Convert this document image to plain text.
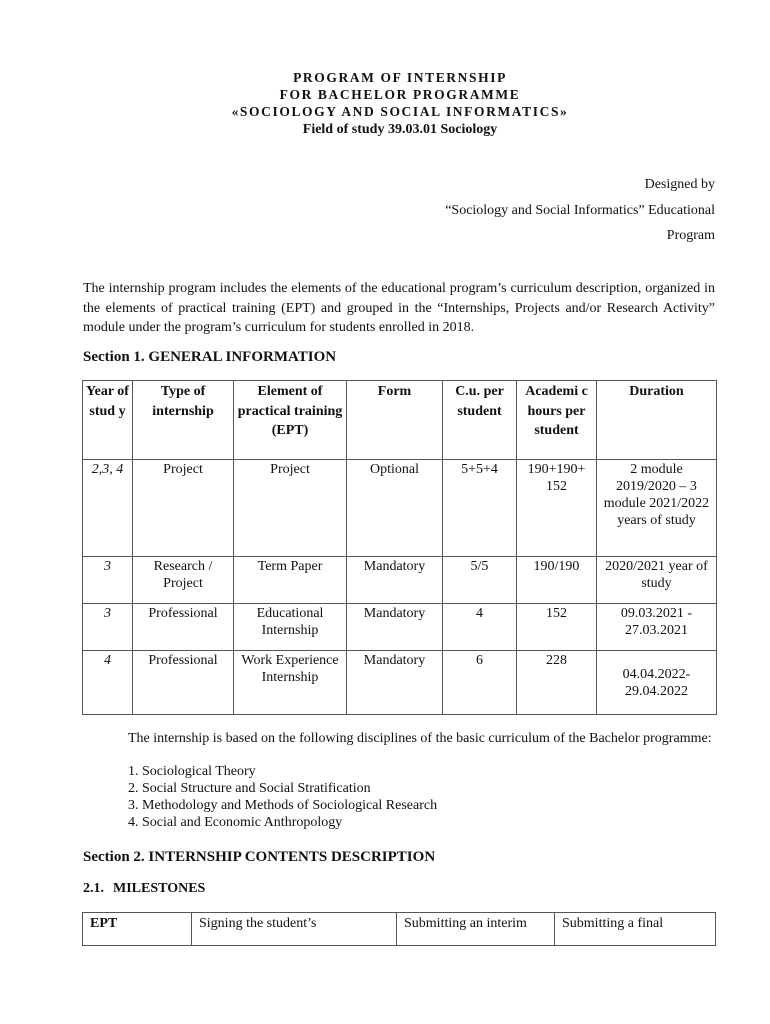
PROGRAM OF INTERNSHIP
FOR BACHELOR PROGRAMME
«SOCIOLOGY AND SOCIAL INFORMATICS»
Field of study 39.03.01 Sociology
Designed by
“Sociology and Social Informatics” Educational
Program
The internship program includes the elements of the educational program’s curriculum description, organized in the elements of practical training (EPT) and grouped in the “Internships, Projects and/or Research Activity” module under the program’s curriculum for students enrolled in 2018.
Section 1. GENERAL INFORMATION
Year of stud y	Type of internship	Element of practical training (EPT)	Form	C.u. per student	Academi c hours per student	Duration
2,3, 4	Project	Project	Optional	5+5+4	190+190+ 152	2 module 2019/2020 – 3 module 2021/2022 years of study
3	Research / Project	Term Paper	Mandatory	5/5	190/190	2020/2021 year of study
3	Professional	Educational Internship	Mandatory	4	152	09.03.2021 - 27.03.2021
4	Professional	Work Experience Internship	Mandatory	6	228	04.04.2022- 29.04.2022
The internship is based on the following disciplines of the basic curriculum of the Bachelor programme:
1. Sociological Theory
2. Social Structure and Social Stratification
3. Methodology and Methods of Sociological Research
4. Social and Economic Anthropology
Section 2. INTERNSHIP CONTENTS DESCRIPTION
2.1. MILESTONES
EPT	Signing the student’s	Submitting an interim	Submitting a final
